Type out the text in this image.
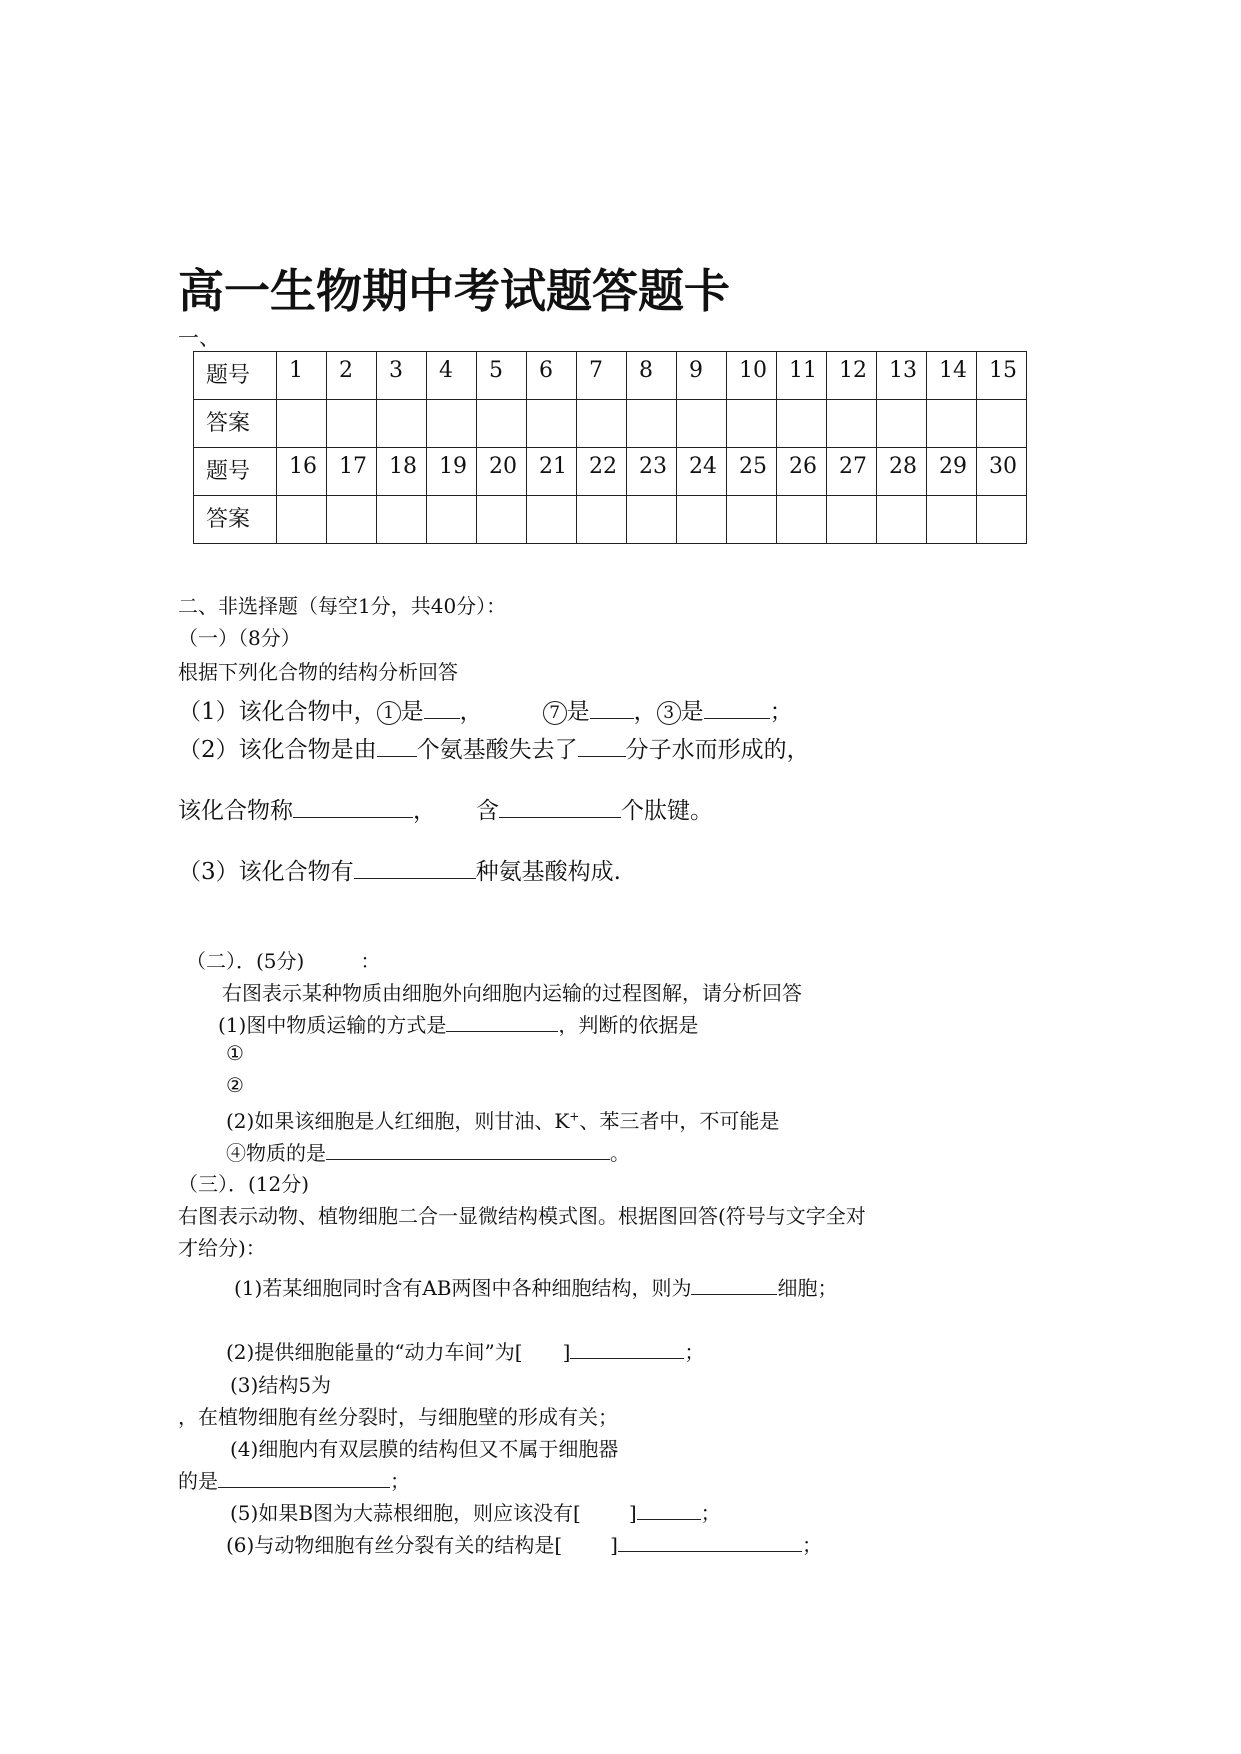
高一生物期中考试题答题卡
一、
题号	1	2	3	4	5	6	7	8	9	10	11	12	13	14	15
答案															
题号	16	17	18	19	20	21	22	23	24	25	26	27	28	29	30
答案															
二、非选择题（每空1分，共40分）：
（一）（8分）
根据下列化合物的结构分析回答
（1）该化合物中， 1 是 ，	7 是 ， 3 是	；
（2）该化合物是由 个氨基酸失去了 分子水而形成的，
该化合物称	， 含	个肽键。
（3）该化合物有	种氨基酸构成.
（二）．(5分)	：
右图表示某种物质由细胞外向细胞内运输的过程图解，请分析回答
(1)图中物质运输的方式是	，判断的依据是
①
②
(2)如果该细胞是人红细胞，则甘油、K+、苯三者中，不可能是
④物质的是	。
（三）．(12分)
右图表示动物、植物细胞二合一显微结构模式图。根据图回答(符号与文字全对
才给分)：
(1)若某细胞同时含有AB两图中各种细胞结构，则为	细胞；
(2)提供细胞能量的“动力车间”为[ ]	；
(3)结构5为
，在植物细胞有丝分裂时，与细胞壁的形成有关；
(4)细胞内有双层膜的结构但又不属于细胞器
的是	；
(5)如果B图为大蒜根细胞，则应该没有[ ]	；
(6)与动物细胞有丝分裂有关的结构是[ ]	；
